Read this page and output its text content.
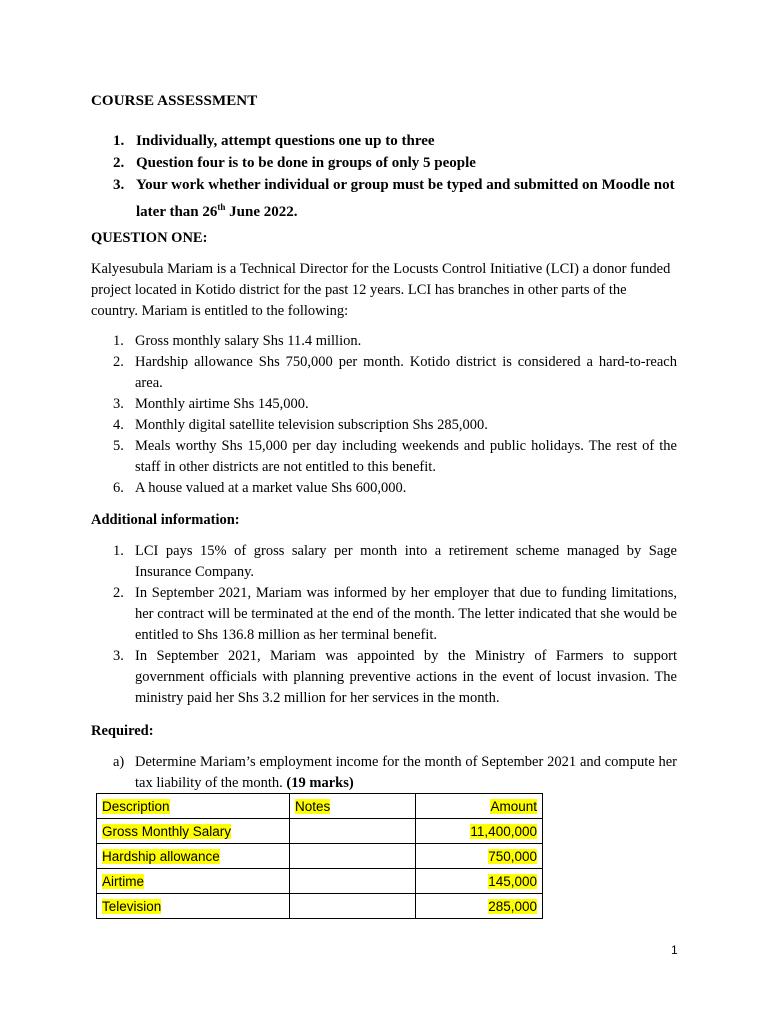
COURSE ASSESSMENT
1. Individually, attempt questions one up to three
2. Question four is to be done in groups of only 5 people
3. Your work whether individual or group must be typed and submitted on Moodle not later than 26th June 2022.
QUESTION ONE:

Kalyesubula Mariam is a Technical Director for the Locusts Control Initiative (LCI) a donor funded project located in Kotido district for the past 12 years. LCI has branches in other parts of the country. Mariam is entitled to the following:

1. Gross monthly salary Shs 11.4 million.
2. Hardship allowance Shs 750,000 per month. Kotido district is considered a hard-to-reach area.
3. Monthly airtime Shs 145,000.
4. Monthly digital satellite television subscription Shs 285,000.
5. Meals worthy Shs 15,000 per day including weekends and public holidays. The rest of the staff in other districts are not entitled to this benefit.
6. A house valued at a market value Shs 600,000.
Additional information:
1. LCI pays 15% of gross salary per month into a retirement scheme managed by Sage Insurance Company.
2. In September 2021, Mariam was informed by her employer that due to funding limitations, her contract will be terminated at the end of the month. The letter indicated that she would be entitled to Shs 136.8 million as her terminal benefit.
3. In September 2021, Mariam was appointed by the Ministry of Farmers to support government officials with planning preventive actions in the event of locust invasion. The ministry paid her Shs 3.2 million for her services in the month.
Required:
a) Determine Mariam’s employment income for the month of September 2021 and compute her tax liability of the month. (19 marks)
Description	Notes	Amount
Gross Monthly Salary		11,400,000
Hardship allowance		750,000
Airtime		145,000
Television		285,000
1
